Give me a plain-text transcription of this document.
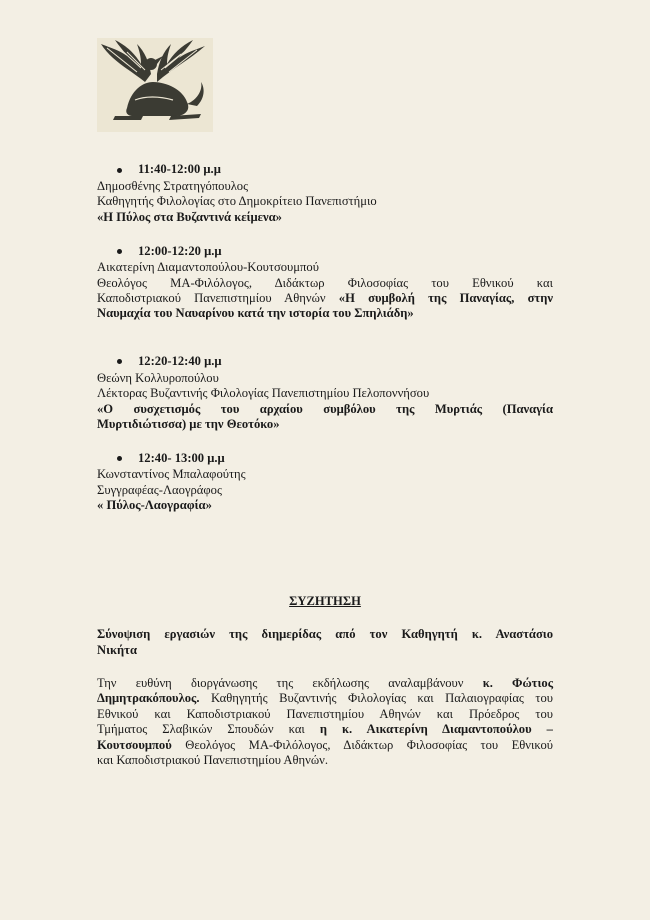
11:40-12:00 μ.μ
Δημοσθένης Στρατηγόπουλος
Καθηγητής Φιλολογίας στο Δημοκρίτειο Πανεπιστήμιο
«Η Πύλος στα Βυζαντινά κείμενα»
12:00-12:20 μ.μ
Αικατερίνη Διαμαντοπούλου-Κουτσουμπού
Θεολόγος ΜΑ-Φιλόλογος, Διδάκτωρ Φιλοσοφίας του Εθνικού και
Καποδιστριακού Πανεπιστημίου Αθηνών «Η συμβολή της Παναγίας, στην
Ναυμαχία του Ναυαρίνου κατά την ιστορία του Σπηλιάδη»
12:20-12:40 μ.μ
Θεώνη Κολλυροπούλου
Λέκτορας Βυζαντινής Φιλολογίας Πανεπιστημίου Πελοποννήσου
«Ο συσχετισμός του αρχαίου συμβόλου της Μυρτιάς (Παναγία
Μυρτιδιώτισσα) με την Θεοτόκο»
12:40- 13:00 μ.μ
Κωνσταντίνος Μπαλαφούτης
Συγγραφέας-Λαογράφος
« Πύλος-Λαογραφία»
ΣΥΖΗΤΗΣΗ
Σύνοψιση εργασιών της διημερίδας από τον Καθηγητή κ. Αναστάσιο
Νικήτα
Την ευθύνη διοργάνωσης της εκδήλωσης αναλαμβάνουν κ. Φώτιος
Δημητρακόπουλος. Καθηγητής Βυζαντινής Φιλολογίας και Παλαιογραφίας του
Εθνικού και Καποδιστριακού Πανεπιστημίου Αθηνών και Πρόεδρος του
Τμήματος Σλαβικών Σπουδών και η κ. Αικατερίνη Διαμαντοπούλου –
Κουτσουμπού Θεολόγος ΜΑ-Φιλόλογος, Διδάκτωρ Φιλοσοφίας του Εθνικού
και Καποδιστριακού Πανεπιστημίου Αθηνών.
